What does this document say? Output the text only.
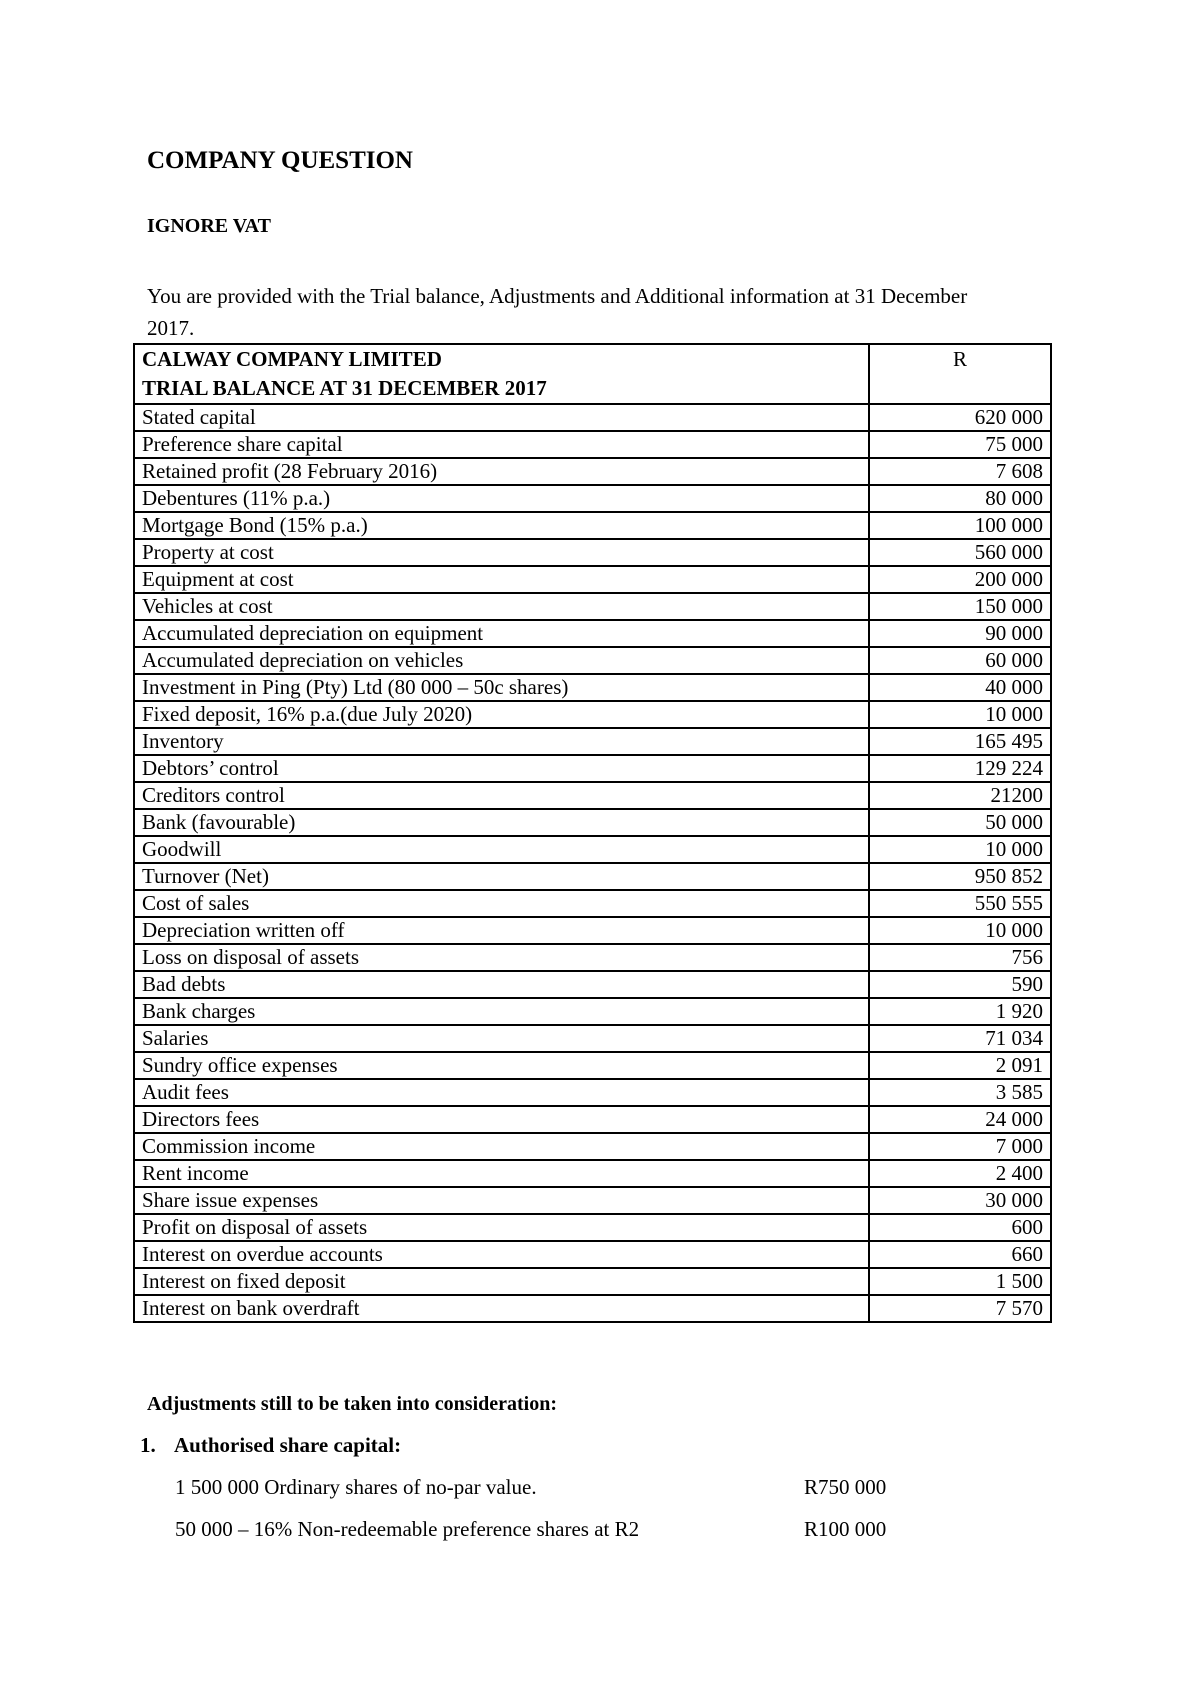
COMPANY QUESTION
IGNORE VAT
You are provided with the Trial balance, Adjustments and Additional information at 31 December 2017.
CALWAY COMPANY LIMITED
TRIAL BALANCE AT 31 DECEMBER 2017	R
Stated capital	620 000
Preference share capital	75 000
Retained profit (28 February 2016)	7 608
Debentures (11% p.a.)	80 000
Mortgage Bond (15% p.a.)	100 000
Property at cost	560 000
Equipment at cost	200 000
Vehicles at cost	150 000
Accumulated depreciation on equipment	90 000
Accumulated depreciation on vehicles	60 000
Investment in Ping (Pty) Ltd (80 000 – 50c shares)	40 000
Fixed deposit, 16% p.a.(due July 2020)	10 000
Inventory	165 495
Debtors’ control	129 224
Creditors control	21200
Bank (favourable)	50 000
Goodwill	10 000
Turnover (Net)	950 852
Cost of sales	550 555
Depreciation written off	10 000
Loss on disposal of assets	756
Bad debts	590
Bank charges	1 920
Salaries	71 034
Sundry office expenses	2 091
Audit fees	3 585
Directors fees	24 000
Commission income	7 000
Rent income	2 400
Share issue expenses	30 000
Profit on disposal of assets	600
Interest on overdue accounts	660
Interest on fixed deposit	1 500
Interest on bank overdraft	7 570
Adjustments still to be taken into consideration:
1. Authorised share capital:
1 500 000 Ordinary shares of no-par value.	R750 000
50 000 – 16% Non-redeemable preference shares at R2	R100 000
